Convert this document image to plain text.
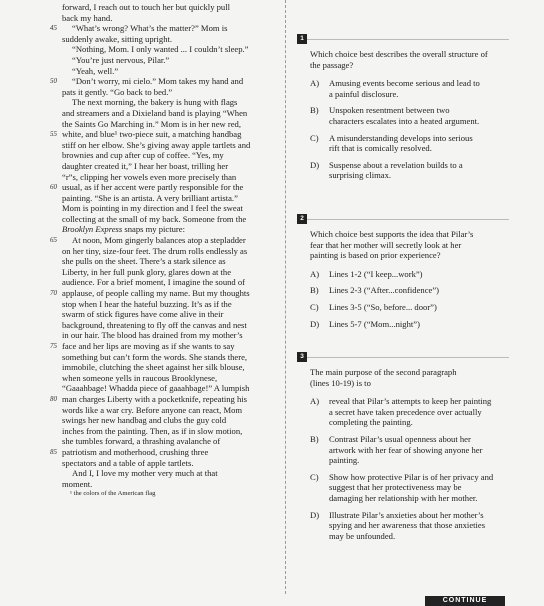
forward, I reach out to touch her but quickly pull
back my hand.
45	“What’s wrong? What’s the matter?” Mom is
suddenly awake, sitting upright.
“Nothing, Mom. I only wanted ... I couldn’t sleep.”
“You’re just nervous, Pilar.”
“Yeah, well.”
50	“Don’t worry, mi cielo.” Mom takes my hand and
pats it gently. “Go back to bed.”
The next morning, the bakery is hung with flags
and streamers and a Dixieland band is playing “When
the Saints Go Marching in.” Mom is in her new red,
55 white, and blue¹ two-piece suit, a matching handbag
stiff on her elbow. She’s giving away apple tartlets and
brownies and cup after cup of coffee. “Yes, my
daughter created it,” I hear her boast, trilling her
“r”s, clipping her vowels even more precisely than
60 usual, as if her accent were partly responsible for the
painting. “She is an artista. A very brilliant artista.”
Mom is pointing in my direction and I feel the sweat
collecting at the small of my back. Someone from the
Brooklyn Express snaps my picture:
65	At noon, Mom gingerly balances atop a stepladder
on her tiny, size-four feet. The drum rolls endlessly as
she pulls on the sheet. There’s a stark silence as
Liberty, in her full punk glory, glares down at the
audience. For a brief moment, I imagine the sound of
70 applause, of people calling my name. But my thoughts
stop when I hear the hateful buzzing. It’s as if the
swarm of stick figures have come alive in their
background, threatening to fly off the canvas and nest
in our hair. The blood has drained from my mother’s
75 face and her lips are moving as if she wants to say
something but can’t form the words. She stands there,
immobile, clutching the sheet against her silk blouse,
when someone yells in raucous Brooklynese,
“Gaaahbage! Whadda piece of gaaahbage!” A lumpish
80 man charges Liberty with a pocketknife, repeating his
words like a war cry. Before anyone can react, Mom
swings her new handbag and clubs the guy cold
inches from the painting. Then, as if in slow motion,
she tumbles forward, a thrashing avalanche of
85 patriotism and motherhood, crushing three
spectators and a table of apple tartlets.
And I, I love my mother very much at that
moment.
¹ the colors of the American flag
1
Which choice best describes the overall structure of
the passage?
A) Amusing events become serious and lead to
a painful disclosure.
B) Unspoken resentment between two
characters escalates into a heated argument.
C) A misunderstanding develops into serious
rift that is comically resolved.
D) Suspense about a revelation builds to a
surprising climax.
2
Which choice best supports the idea that Pilar’s
fear that her mother will secretly look at her
painting is based on prior experience?
A) Lines 1-2 (“I keep...work”)
B) Lines 2-3 (“After...confidence”)
C) Lines 3-5 (“So, before... door”)
D) Lines 5-7 (“Mom...night”)
3
The main purpose of the second paragraph
(lines 10-19) is to
A) reveal that Pilar’s attempts to keep her painting
a secret have taken precedence over actually
completing the painting.
B) Contrast Pilar’s usual openness about her
artwork with her fear of showing anyone her
painting.
C) Show how protective Pilar is of her privacy and
suggest that her protectiveness may be
damaging her relationship with her mother.
D) Illustrate Pilar’s anxieties about her mother’s
spying and her awareness that those anxieties
may be unfounded.
CONTINUE
